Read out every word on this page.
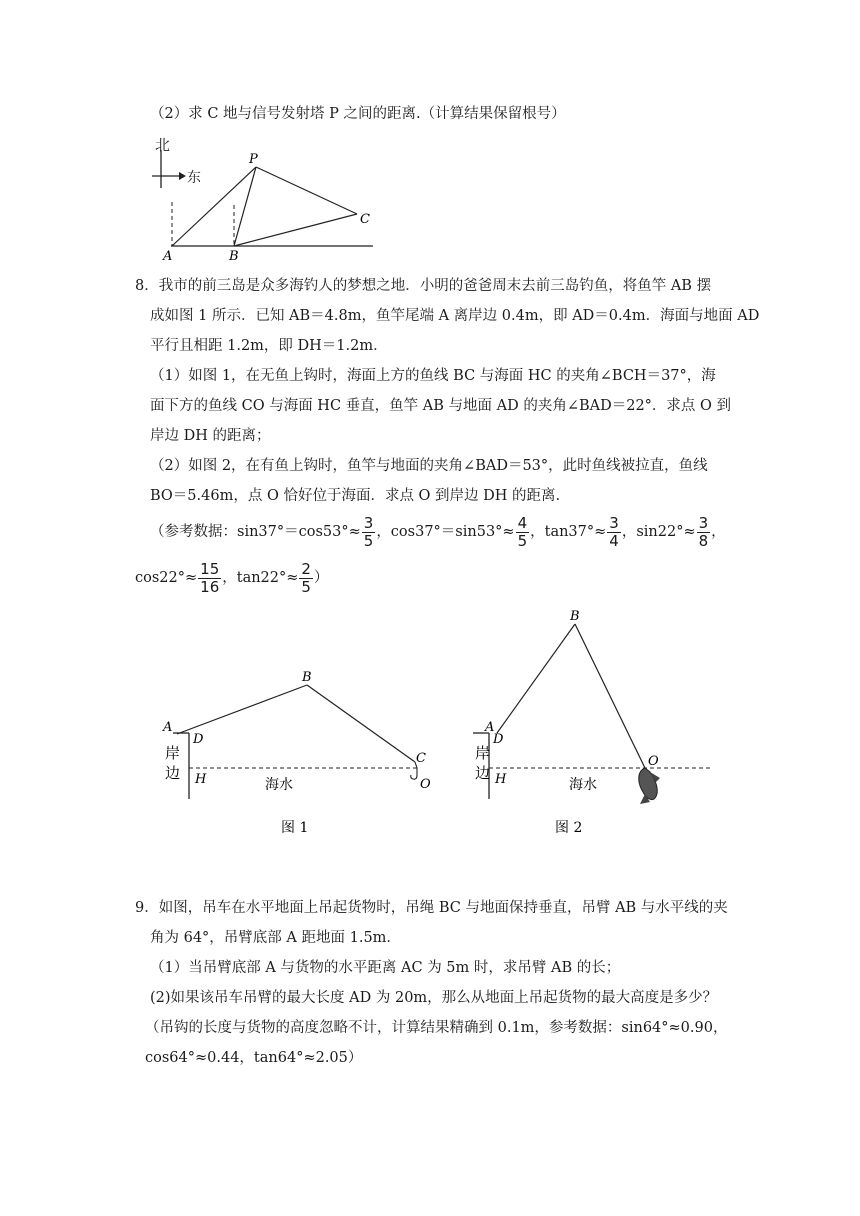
（2）求 C 地与信号发射塔 P 之间的距离.（计算结果保留根号）
北
东
P
A	B
C
8．我市的前三岛是众多海钓人的梦想之地．小明的爸爸周末去前三岛钓鱼，将鱼竿 AB 摆
成如图 1 所示．已知 AB＝4.8m，鱼竿尾端 A 离岸边 0.4m，即 AD＝0.4m．海面与地面 AD
平行且相距 1.2m，即 DH＝1.2m．
（1）如图 1，在无鱼上钩时，海面上方的鱼线 BC 与海面 HC 的夹角∠BCH＝37°，海
面下方的鱼线 CO 与海面 HC 垂直，鱼竿 AB 与地面 AD 的夹角∠BAD＝22°．求点 O 到
岸边 DH 的距离；
（2）如图 2，在有鱼上钩时，鱼竿与地面的夹角∠BAD＝53°，此时鱼线被拉直，鱼线
BO＝5.46m，点 O 恰好位于海面．求点 O 到岸边 DH 的距离.
（参考数据：$\sin 37^\circ=\cos 53^\circ\approx \frac{3}{5}$ ，$\cos 37^\circ=\sin 53^\circ\approx \frac{4}{5}$ ，$\tan 37^\circ\approx \frac{3}{4}$ ，$\sin 22^\circ\approx \frac{3}{8}$ ，
$\cos 22^\circ\approx \frac{15}{16}$ ，$\tan 22^\circ\approx \frac{2}{5}$ ）
A
B
C
D
H	O
岸
边
海水
图 1
A
B
D
H
O
岸
边
海水
图 2
9．如图，吊车在水平地面上吊起货物时，吊绳 BC 与地面保持垂直，吊臂 AB 与水平线的夹
角为 64°，吊臂底部 A 距地面 1.5m．
（1）当吊臂底部 A 与货物的水平距离 AC 为 5m 时，求吊臂 AB 的长；
(2)如果该吊车吊臂的最大长度 AD 为 20m，那么从地面上吊起货物的最大高度是多少？
（吊钩的长度与货物的高度忽略不计，计算结果精确到 0.1m，参考数据：sin64°≈0.90，
cos64°≈0.44，tan64°≈2.05）
